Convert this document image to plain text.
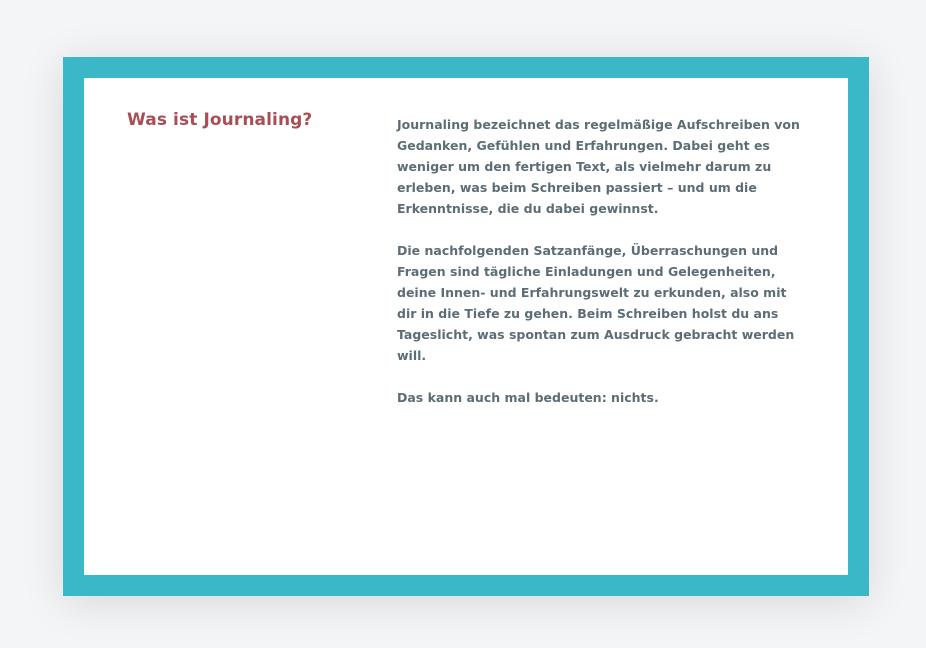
Was ist Journaling?	Journaling bezeichnet das regelmäßige Aufschreiben von Gedanken, Gefühlen und Erfahrungen. Dabei geht es weniger um den fertigen Text, als vielmehr darum zu erleben, was beim Schreiben passiert – und um die Erkenntnisse, die du dabei gewinnst.

Die nachfolgenden Satzanfänge, Überraschungen und Fragen sind tägliche Einladungen und Gelegenheiten, deine Innen- und Erfahrungswelt zu erkunden, also mit dir in die Tiefe zu gehen. Beim Schreiben holst du ans Tageslicht, was spontan zum Ausdruck gebracht werden will.

Das kann auch mal bedeuten: nichts.
